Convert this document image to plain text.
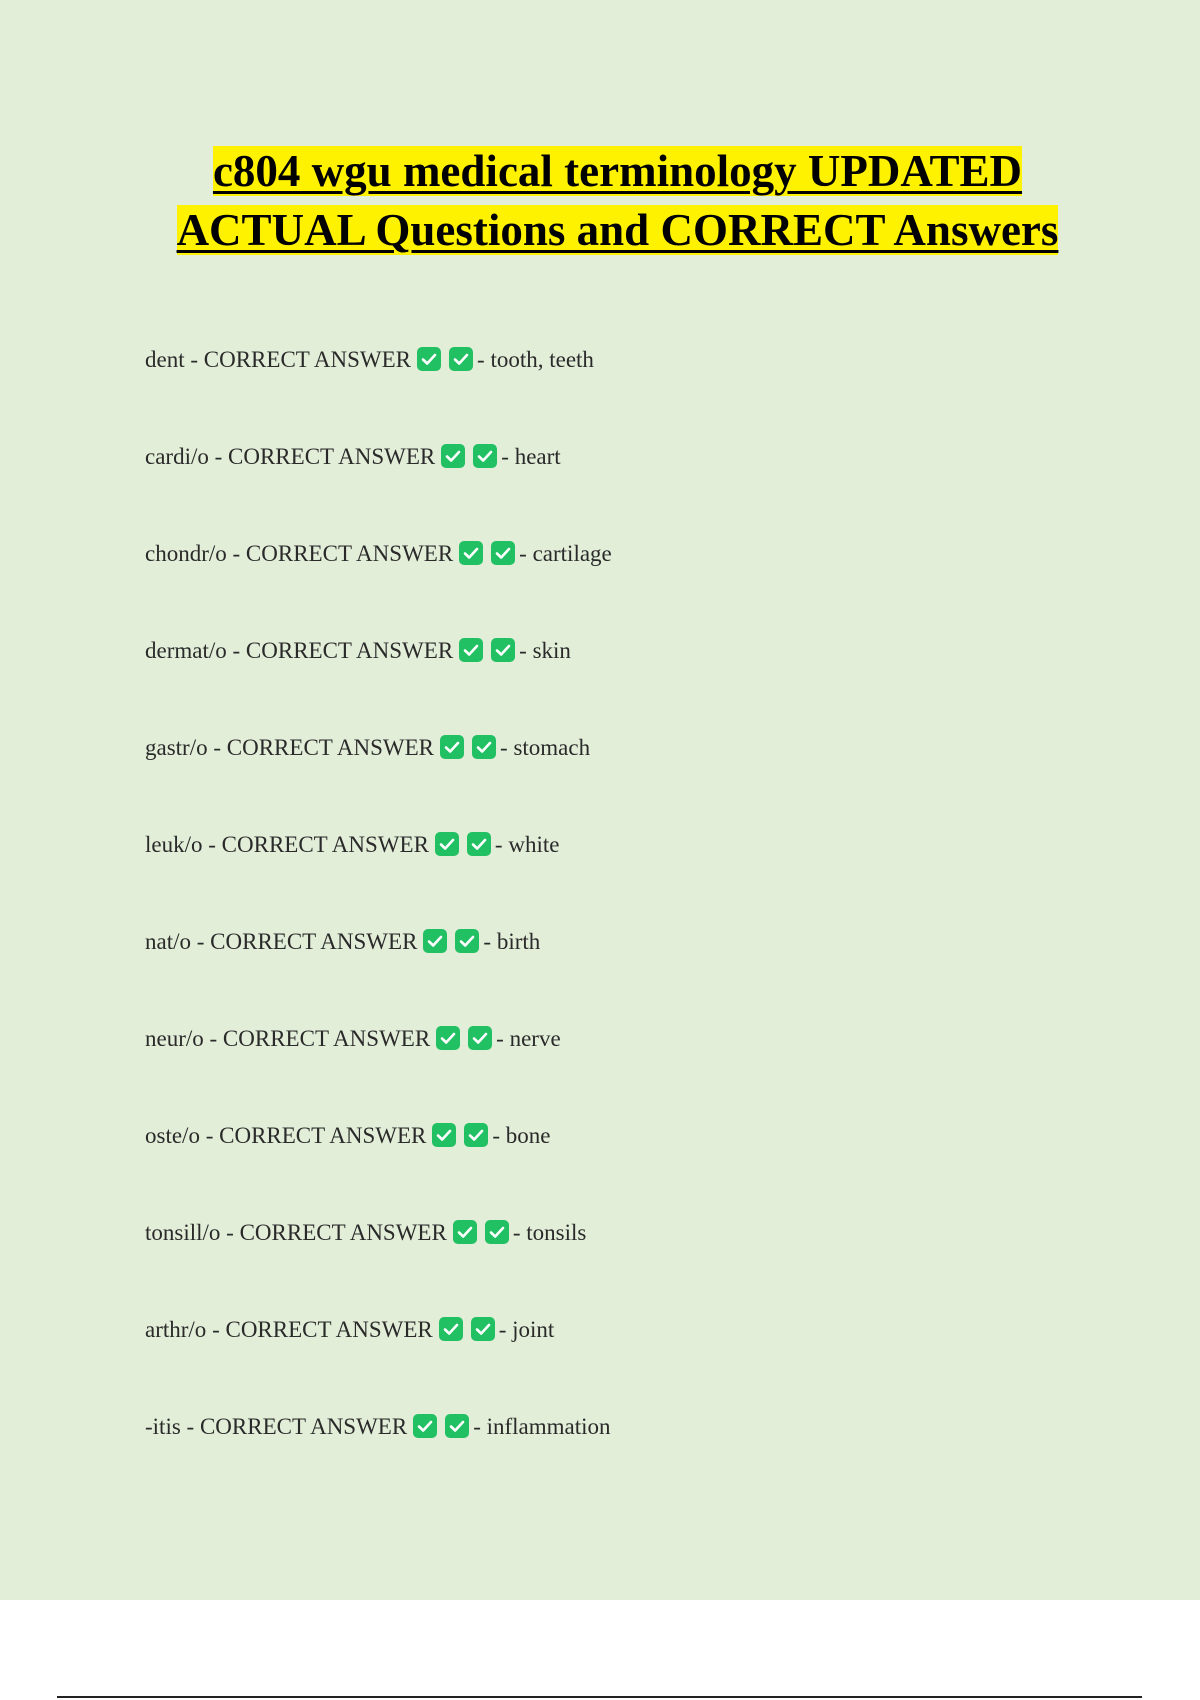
c804 wgu medical terminology UPDATED ACTUAL Questions and CORRECT Answers
dent - CORRECT ANSWER	- tooth, teeth
cardi/o - CORRECT ANSWER	- heart
chondr/o - CORRECT ANSWER	- cartilage
dermat/o - CORRECT ANSWER	- skin
gastr/o - CORRECT ANSWER	- stomach
leuk/o - CORRECT ANSWER	- white
nat/o - CORRECT ANSWER	- birth
neur/o - CORRECT ANSWER	- nerve
oste/o - CORRECT ANSWER	- bone
tonsill/o - CORRECT ANSWER	- tonsils
arthr/o - CORRECT ANSWER	- joint
-itis - CORRECT ANSWER	- inflammation
